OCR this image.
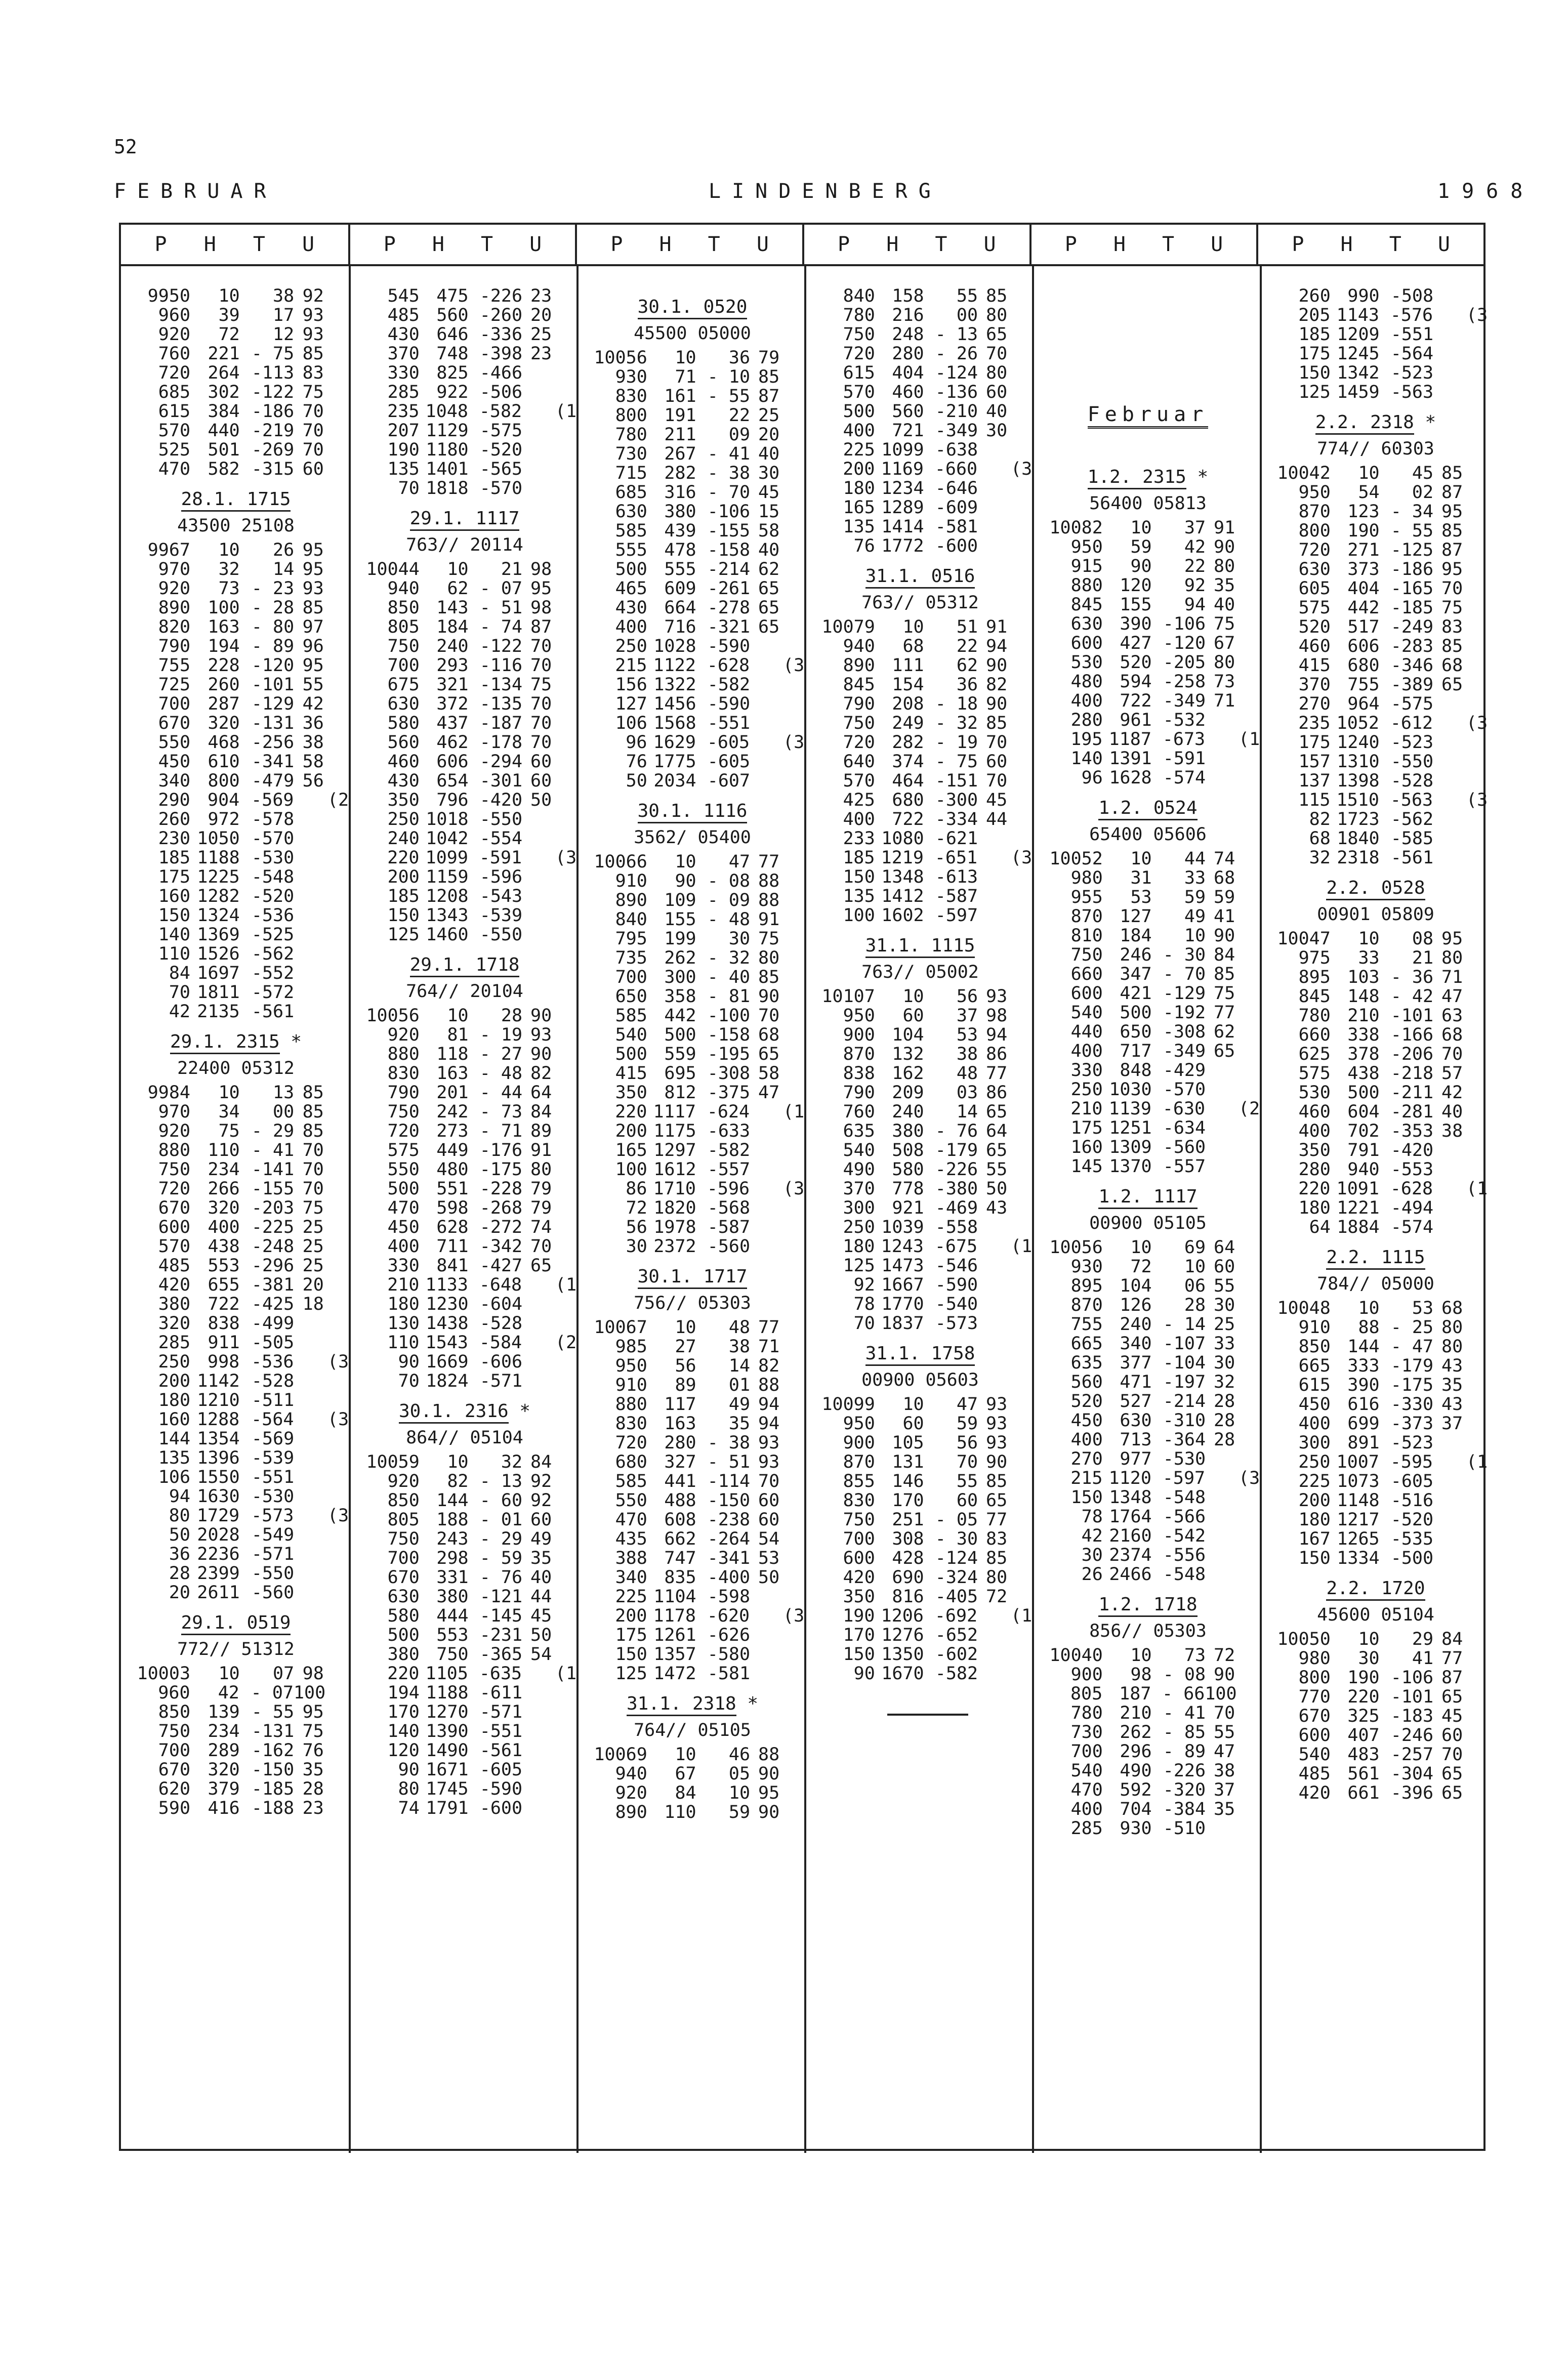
52
FEBRUAR	LINDENBERG	1968
P H T U	P H T U	P H T U	P H T U	P H T U	P H T U
9950	10	38 92
960	39	17 93
920	72	12 93
760 221 - 75 85
720 264 -113 83
685 302 -122 75
615 384 -186 70
570 440 -219 70
525 501 -269 70
470 582 -315 60
28.1. 1715
43500 25108
9967	10	26 95
970	32	14 95
920	73 - 23 93
890 100 - 28 85
820 163 - 80 97
790 194 - 89 96
755 228 -120 95
725 260 -101 55
700 287 -129 42
670 320 -131 36
550 468 -256 38
450 610 -341 58
340 800 -479 56
290 904 -569 (2
260 972 -578
230 1050 -570
185 1188 -530
175 1225 -548
160 1282 -520
150 1324 -536
140 1369 -525
110 1526 -562
84 1697 -552
70 1811 -572
42 2135 -561
29.1. 2315 *
22400 05312
9984	10	13 85
970	34	00 85
920	75 - 29 85
880 110 - 41 70
750 234 -141 70
720 266 -155 70
670 320 -203 75
600 400 -225 25
570 438 -248 25
485 553 -296 25
420 655 -381 20
380 722 -425 18
320 838 -499
285 911 -505
250 998 -536 (3
200 1142 -528
180 1210 -511
160 1288 -564 (3
144 1354 -569
135 1396 -539
106 1550 -551
94 1630 -530
80 1729 -573 (3
50 2028 -549
36 2236 -571
28 2399 -550
20 2611 -560
29.1. 0519
772// 51312
10003	10	07 98
960	42 - 07 100
850 139 - 55 95
750 234 -131 75
700 289 -162 76
670 320 -150 35
620 379 -185 28
590 416 -188 23
545 475 -226 23
485 560 -260 20
430 646 -336 25
370 748 -398 23
330 825 -466
285 922 -506
235 1048 -582 (1
207 1129 -575
190 1180 -520
135 1401 -565
70 1818 -570
29.1. 1117
763// 20114
10044	10	21 98
940	62 - 07 95
850 143 - 51 98
805 184 - 74 87
750 240 -122 70
700 293 -116 70
675 321 -134 75
630 372 -135 70
580 437 -187 70
560 462 -178 70
460 606 -294 60
430 654 -301 60
350 796 -420 50
250 1018 -550
240 1042 -554
220 1099 -591 (3
200 1159 -596
185 1208 -543
150 1343 -539
125 1460 -550
29.1. 1718
764// 20104
10056	10	28 90
920	81 - 19 93
880 118 - 27 90
830 163 - 48 82
790 201 - 44 64
750 242 - 73 84
720 273 - 71 89
575 449 -176 91
550 480 -175 80
500 551 -228 79
470 598 -268 79
450 628 -272 74
400 711 -342 70
330 841 -427 65
210 1133 -648 (1
180 1230 -604
130 1438 -528
110 1543 -584 (2
90 1669 -606
70 1824 -571
30.1. 2316 *
864// 05104
10059	10	32 84
920	82 - 13 92
850 144 - 60 92
805 188 - 01 60
750 243 - 29 49
700 298 - 59 35
670 331 - 76 40
630 380 -121 44
580 444 -145 45
500 553 -231 50
380 750 -365 54
220 1105 -635 (1
194 1188 -611
170 1270 -571
140 1390 -551
120 1490 -561
90 1671 -605
80 1745 -590
74 1791 -600
30.1. 0520
45500 05000
10056	10	36 79
930	71 - 10 85
830 161 - 55 87
800 191	22 25
780 211	09 20
730 267 - 41 40
715 282 - 38 30
685 316 - 70 45
630 380 -106 15
585 439 -155 58
555 478 -158 40
500 555 -214 62
465 609 -261 65
430 664 -278 65
400 716 -321 65
250 1028 -590
215 1122 -628 (3
156 1322 -582
127 1456 -590
106 1568 -551
96 1629 -605 (3
76 1775 -605
50 2034 -607
30.1. 1116
3562/ 05400
10066	10	47 77
910	90 - 08 88
890 109 - 09 88
840 155 - 48 91
795 199	30 75
735 262 - 32 80
700 300 - 40 85
650 358 - 81 90
585 442 -100 70
540 500 -158 68
500 559 -195 65
415 695 -308 58
350 812 -375 47
220 1117 -624 (1
200 1175 -633
165 1297 -582
100 1612 -557
86 1710 -596 (3
72 1820 -568
56 1978 -587
30 2372 -560
30.1. 1717
756// 05303
10067	10	48 77
985	27	38 71
950	56	14 82
910	89	01 88
880 117	49 94
830 163	35 94
720 280 - 38 93
680 327 - 51 93
585 441 -114 70
550 488 -150 60
470 608 -238 60
435 662 -264 54
388 747 -341 53
340 835 -400 50
225 1104 -598
200 1178 -620 (3
175 1261 -626
150 1357 -580
125 1472 -581
31.1. 2318 *
764// 05105
10069	10	46 88
940	67	05 90
920	84	10 95
890 110	59 90
840 158	55 85
780 216	00 80
750 248 - 13 65
720 280 - 26 70
615 404 -124 80
570 460 -136 60
500 560 -210 40
400 721 -349 30
225 1099 -638
200 1169 -660 (3
180 1234 -646
165 1289 -609
135 1414 -581
76 1772 -600
31.1. 0516
763// 05312
10079	10	51 91
940	68	22 94
890 111	62 90
845 154	36 82
790 208 - 18 90
750 249 - 32 85
720 282 - 19 70
640 374 - 75 60
570 464 -151 70
425 680 -300 45
400 722 -334 44
233 1080 -621
185 1219 -651 (3
150 1348 -613
135 1412 -587
100 1602 -597
31.1. 1115
763// 05002
10107	10	56 93
950	60	37 98
900 104	53 94
870 132	38 86
838 162	48 77
790 209	03 86
760 240	14 65
635 380 - 76 64
540 508 -179 65
490 580 -226 55
370 778 -380 50
300 921 -469 43
250 1039 -558
180 1243 -675 (1
125 1473 -546
92 1667 -590
78 1770 -540
70 1837 -573
31.1. 1758
00900 05603
10099	10	47 93
950	60	59 93
900 105	56 93
870 131	70 90
855 146	55 85
830 170	60 65
750 251 - 05 77
700 308 - 30 83
600 428 -124 85
420 690 -324 80
350 816 -405 72
190 1206 -692 (1
170 1276 -652
150 1350 -602
90 1670 -582
Februar
1.2. 2315 *
56400 05813
10082	10	37 91
950	59	42 90
915	90	22 80
880 120	92 35
845 155	94 40
630 390 -106 75
600 427 -120 67
530 520 -205 80
480 594 -258 73
400 722 -349 71
280 961 -532
195 1187 -673 (1
140 1391 -591
96 1628 -574
1.2. 0524
65400 05606
10052	10	44 74
980	31	33 68
955	53	59 59
870 127	49 41
810 184	10 90
750 246 - 30 84
660 347 - 70 85
600 421 -129 75
540 500 -192 77
440 650 -308 62
400 717 -349 65
330 848 -429
250 1030 -570
210 1139 -630 (2
175 1251 -634
160 1309 -560
145 1370 -557
1.2. 1117
00900 05105
10056	10	69 64
930	72	10 60
895 104	06 55
870 126	28 30
755 240 - 14 25
665 340 -107 33
635 377 -104 30
560 471 -197 32
520 527 -214 28
450 630 -310 28
400 713 -364 28
270 977 -530
215 1120 -597 (3
150 1348 -548
78 1764 -566
42 2160 -542
30 2374 -556
26 2466 -548
1.2. 1718
856// 05303
10040	10	73 72
900	98 - 08 90
805 187 - 66 100
780 210 - 41 70
730 262 - 85 55
700 296 - 89 47
540 490 -226 38
470 592 -320 37
400 704 -384 35
285 930 -510
260 990 -508
205 1143 -576 (3
185 1209 -551
175 1245 -564
150 1342 -523
125 1459 -563
2.2. 2318 *
774// 60303
10042	10	45 85
950	54	02 87
870 123 - 34 95
800 190 - 55 85
720 271 -125 87
630 373 -186 95
605 404 -165 70
575 442 -185 75
520 517 -249 83
460 606 -283 85
415 680 -346 68
370 755 -389 65
270 964 -575
235 1052 -612 (3
175 1240 -523
157 1310 -550
137 1398 -528
115 1510 -563 (3
82 1723 -562
68 1840 -585
32 2318 -561
2.2. 0528
00901 05809
10047	10	08 95
975	33	21 80
895 103 - 36 71
845 148 - 42 47
780 210 -101 63
660 338 -166 68
625 378 -206 70
575 438 -218 57
530 500 -211 42
460 604 -281 40
400 702 -353 38
350 791 -420
280 940 -553
220 1091 -628 (1
180 1221 -494
64 1884 -574
2.2. 1115
784// 05000
10048	10	53 68
910	88 - 25 80
850 144 - 47 80
665 333 -179 43
615 390 -175 35
450 616 -330 43
400 699 -373 37
300 891 -523
250 1007 -595 (1
225 1073 -605
200 1148 -516
180 1217 -520
167 1265 -535
150 1334 -500
2.2. 1720
45600 05104
10050	10	29 84
980	30	41 77
800 190 -106 87
770 220 -101 65
670 325 -183 45
600 407 -246 60
540 483 -257 70
485 561 -304 65
420 661 -396 65
